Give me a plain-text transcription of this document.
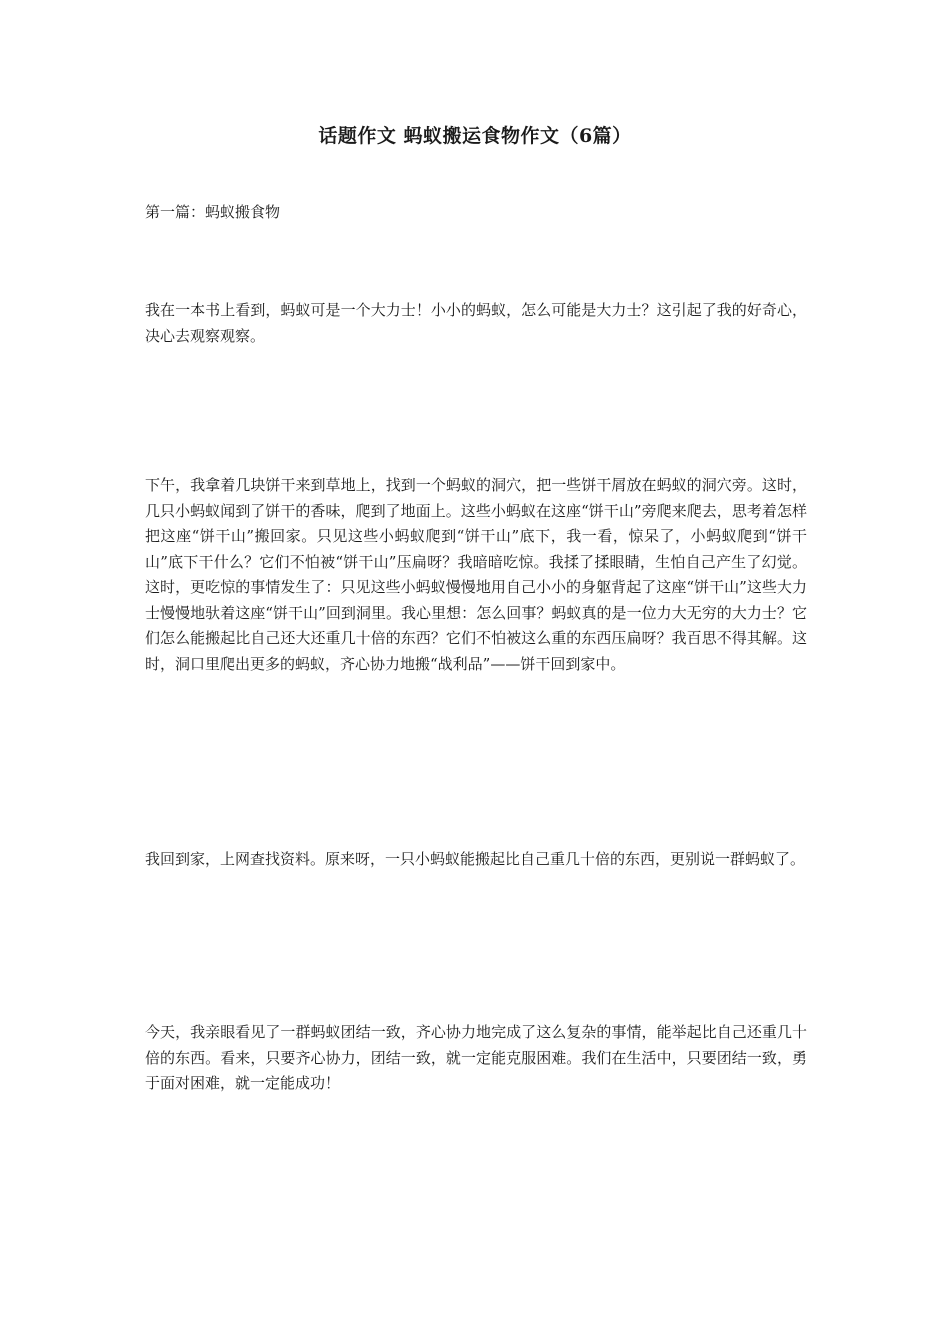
话题作文 蚂蚁搬运食物作文（6篇）
第一篇：蚂蚁搬食物

我在一本书上看到，蚂蚁可是一个大力士！小小的蚂蚁，怎么可能是大力士？这引起了我的好奇心，决心去观察观察。

下午，我拿着几块饼干来到草地上，找到一个蚂蚁的洞穴，把一些饼干屑放在蚂蚁的洞穴旁。这时，几只小蚂蚁闻到了饼干的香味，爬到了地面上。这些小蚂蚁在这座“饼干山”旁爬来爬去，思考着怎样把这座“饼干山”搬回家。只见这些小蚂蚁爬到“饼干山”底下，我一看，惊呆了，小蚂蚁爬到“饼干山”底下干什么？它们不怕被“饼干山”压扁呀？我暗暗吃惊。我揉了揉眼睛，生怕自己产生了幻觉。这时，更吃惊的事情发生了：只见这些小蚂蚁慢慢地用自己小小的身躯背起了这座“饼干山”这些大力士慢慢地驮着这座“饼干山”回到洞里。我心里想：怎么回事？蚂蚁真的是一位力大无穷的大力士？它们怎么能搬起比自己还大还重几十倍的东西？它们不怕被这么重的东西压扁呀？我百思不得其解。这时，洞口里爬出更多的蚂蚁，齐心协力地搬“战利品”——饼干回到家中。

我回到家，上网查找资料。原来呀，一只小蚂蚁能搬起比自己重几十倍的东西，更别说一群蚂蚁了。

今天，我亲眼看见了一群蚂蚁团结一致，齐心协力地完成了这么复杂的事情，能举起比自己还重几十倍的东西。看来，只要齐心协力，团结一致，就一定能克服困难。我们在生活中，只要团结一致，勇于面对困难，就一定能成功！
